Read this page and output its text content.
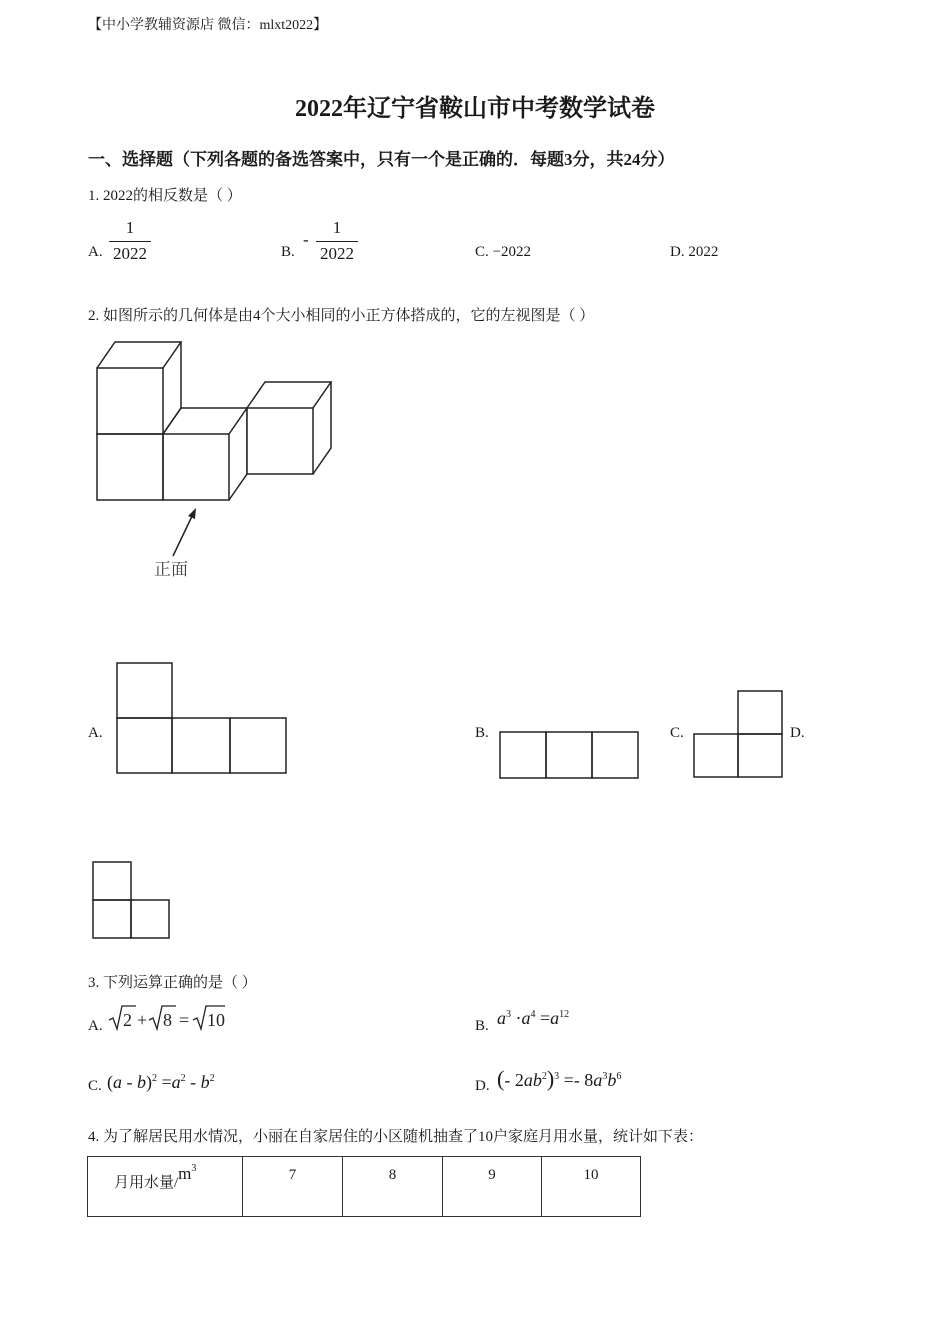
【中小学教辅资源店 微信：mlxt2022】
2022年辽宁省鞍山市中考数学试卷
一、选择题（下列各题的备选答案中，只有一个是正确的．每题3分，共24分）
1. 2022的相反数是（ ）
A.
1
2022	B.
-
1
2022	C. −2022	D. 2022
2. 如图所示的几何体是由4个大小相同的小正方体搭成的，它的左视图是（ ）
正面
A.	B.	C.	D.
3. 下列运算正确的是（ ）
A. 2 + 8 = 10	B. $a^3 \cdot a^4 =a^{12}$
C. $(a - b)^2 =a^2 - b^2$	D. (- $2ab^2)^3 =- 8a^3b^6$
4. 为了解居民用水情况，小丽在自家居住的小区随机抽查了10户家庭月用水量，统计如下表：
月用水量$/m^3$	7	8	9	10
